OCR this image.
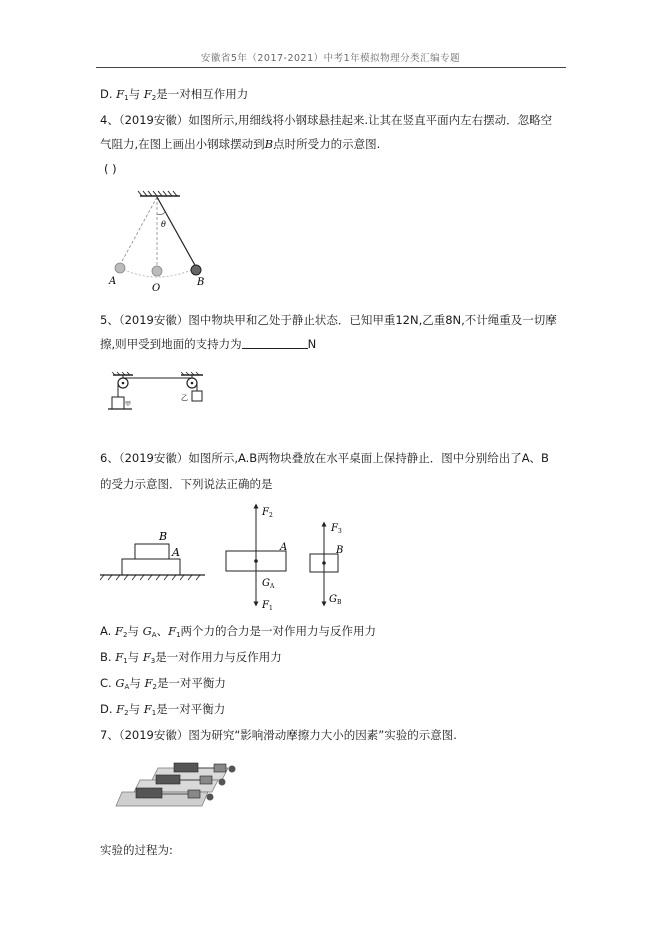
安徽省5年（2017-2021）中考1年模拟物理分类汇编专题
D. $F_1$与 $F_2$是一对相互作用力
4、（2019安徽）如图所示,用细线将小钢球悬挂起来.让其在竖直平面内左右摆动．忽略空
气阻力,在图上画出小钢球摆动到B点时所受力的示意图.
( )
θ
A
O
B
5、（2019安徽）图中物块甲和乙处于静止状态．已知甲重12N,乙重8N,不计绳重及一切摩
擦,则甲受到地面的支持力为	N
甲
乙
6、（2019安徽）如图所示,A.B两物块叠放在水平桌面上保持静止．图中分别给出了A、B
的受力示意图．下列说法正确的是
B
A
$F_2$
A
$G_A$
$F_1$
$F_3$
B
$G_B$
A. $F_2$与 $G_A$、$F_1$两个力的合力是一对作用力与反作用力
B. $F_1$与 $F_3$是一对作用力与反作用力
C. $G_A$与 $F_2$是一对平衡力
D. $F_2$与 $F_1$是一对平衡力
7、（2019安徽）图为研究“影响滑动摩擦力大小的因素”实验的示意图.
实验的过程为:
